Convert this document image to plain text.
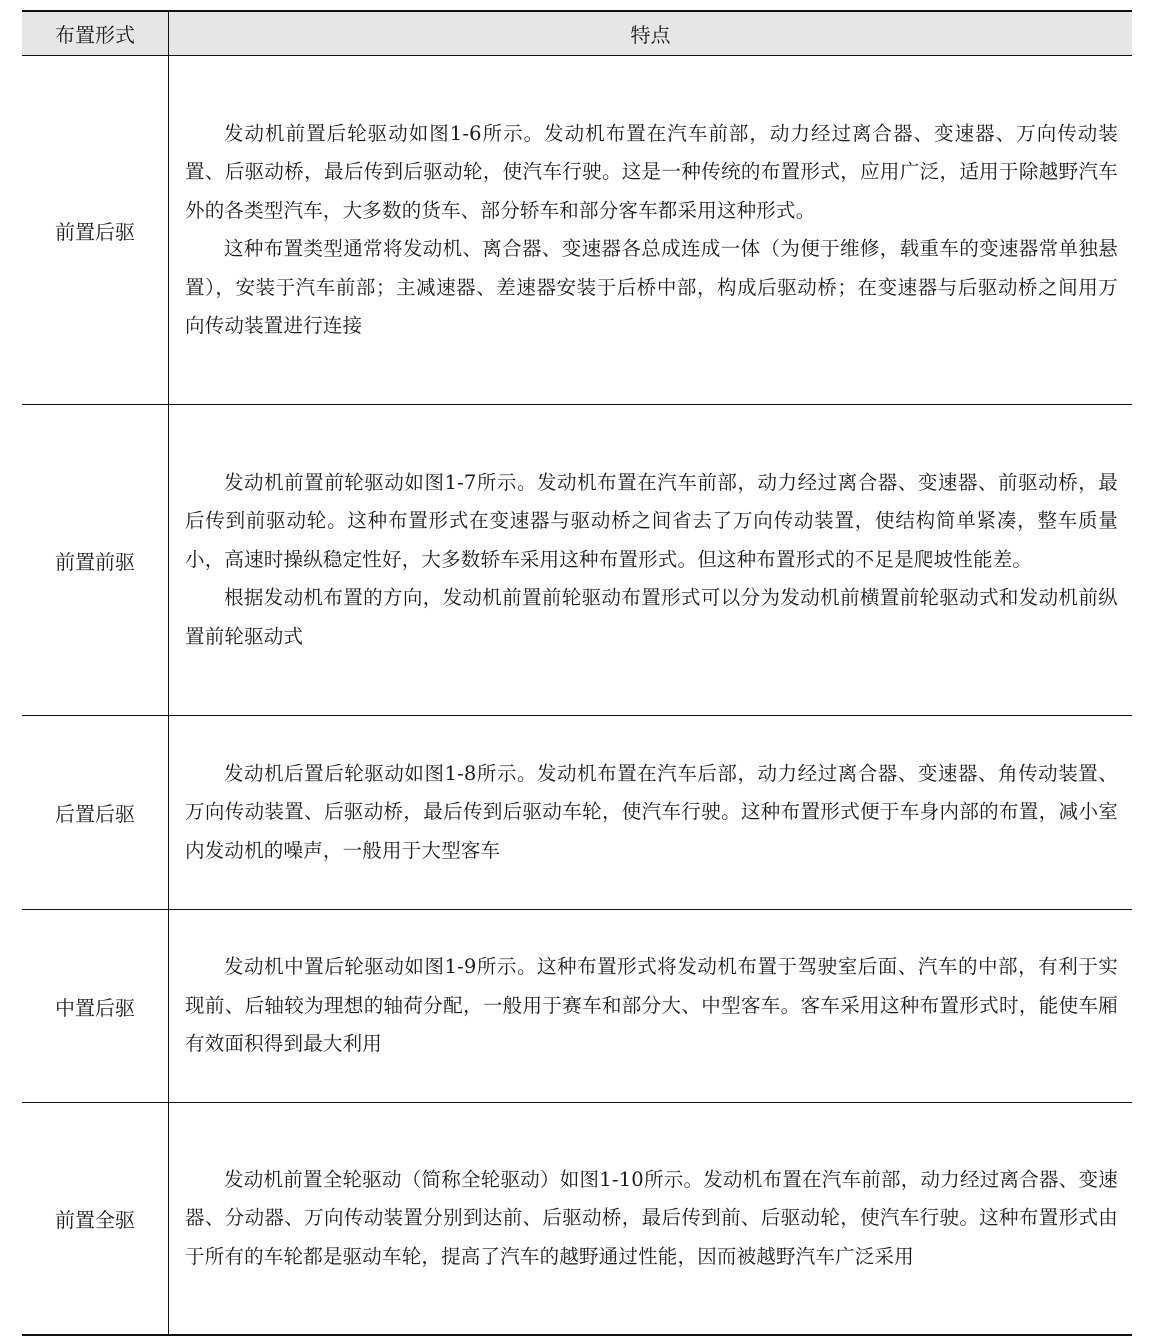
布置形式	特点
前置后驱	发动机前置后轮驱动如图1-6所示。发动机布置在汽车前部，动力经过离合器、变速器、万向传动装置、后驱动桥，最后传到后驱动轮，使汽车行驶。这是一种传统的布置形式，应用广泛，适用于除越野汽车外的各类型汽车，大多数的货车、部分轿车和部分客车都采用这种形式。

这种布置类型通常将发动机、离合器、变速器各总成连成一体（为便于维修，载重车的变速器常单独悬置），安装于汽车前部；主减速器、差速器安装于后桥中部，构成后驱动桥；在变速器与后驱动桥之间用万向传动装置进行连接

前置前驱	发动机前置前轮驱动如图1-7所示。发动机布置在汽车前部，动力经过离合器、变速器、前驱动桥，最后传到前驱动轮。这种布置形式在变速器与驱动桥之间省去了万向传动装置，使结构简单紧凑，整车质量小，高速时操纵稳定性好，大多数轿车采用这种布置形式。但这种布置形式的不足是爬坡性能差。

根据发动机布置的方向，发动机前置前轮驱动布置形式可以分为发动机前横置前轮驱动式和发动机前纵置前轮驱动式

后置后驱	发动机后置后轮驱动如图1-8所示。发动机布置在汽车后部，动力经过离合器、变速器、角传动装置、万向传动装置、后驱动桥，最后传到后驱动车轮，使汽车行驶。这种布置形式便于车身内部的布置，减小室内发动机的噪声，一般用于大型客车

中置后驱	发动机中置后轮驱动如图1-9所示。这种布置形式将发动机布置于驾驶室后面、汽车的中部，有利于实现前、后轴较为理想的轴荷分配，一般用于赛车和部分大、中型客车。客车采用这种布置形式时，能使车厢有效面积得到最大利用

前置全驱	发动机前置全轮驱动（简称全轮驱动）如图1-10所示。发动机布置在汽车前部，动力经过离合器、变速器、分动器、万向传动装置分别到达前、后驱动桥，最后传到前、后驱动轮，使汽车行驶。这种布置形式由于所有的车轮都是驱动车轮，提高了汽车的越野通过性能，因而被越野汽车广泛采用
